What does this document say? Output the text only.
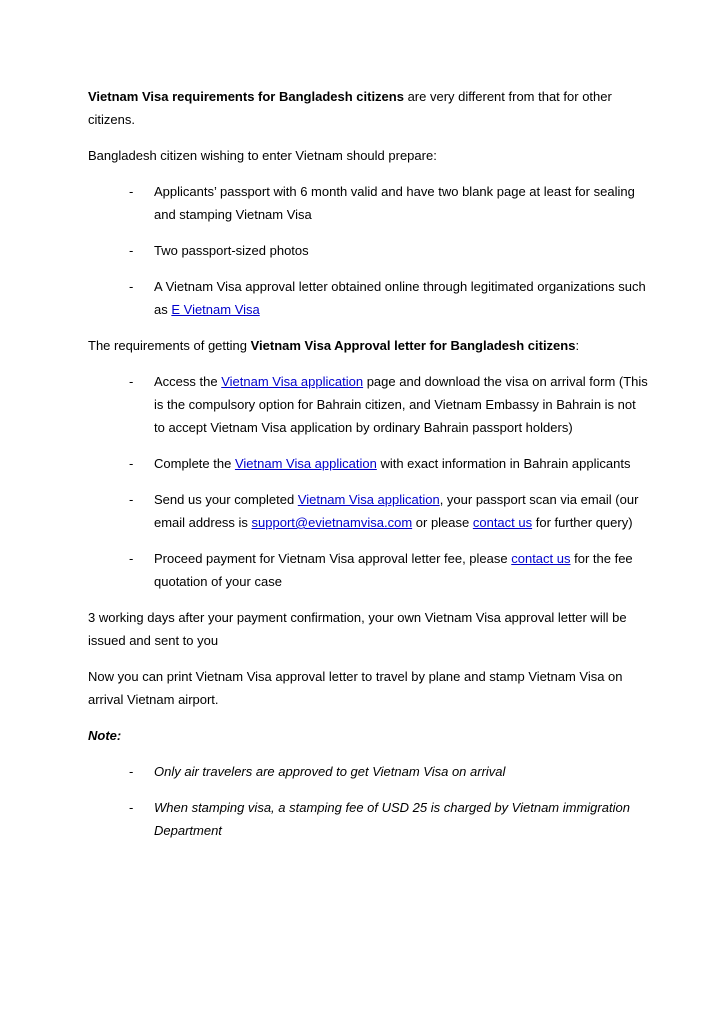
Vietnam Visa requirements for Bangladesh citizens are very different from that for other citizens.

Bangladesh citizen wishing to enter Vietnam should prepare:

- Applicants’ passport with 6 month valid and have two blank page at least for sealing and stamping Vietnam Visa
- Two passport-sized photos
- A Vietnam Visa approval letter obtained online through legitimated organizations such as E Vietnam Visa

The requirements of getting Vietnam Visa Approval letter for Bangladesh citizens:

- Access the Vietnam Visa application page and download the visa on arrival form (This is the compulsory option for Bahrain citizen, and Vietnam Embassy in Bahrain is not to accept Vietnam Visa application by ordinary Bahrain passport holders)
- Complete the Vietnam Visa application with exact information in Bahrain applicants
- Send us your completed Vietnam Visa application, your passport scan via email (our email address is support@evietnamvisa.com or please contact us for further query)
- Proceed payment for Vietnam Visa approval letter fee, please contact us for the fee quotation of your case

3 working days after your payment confirmation, your own Vietnam Visa approval letter will be issued and sent to you

Now you can print Vietnam Visa approval letter to travel by plane and stamp Vietnam Visa on arrival Vietnam airport.

Note:

- Only air travelers are approved to get Vietnam Visa on arrival
- When stamping visa, a stamping fee of USD 25 is charged by Vietnam immigration Department
